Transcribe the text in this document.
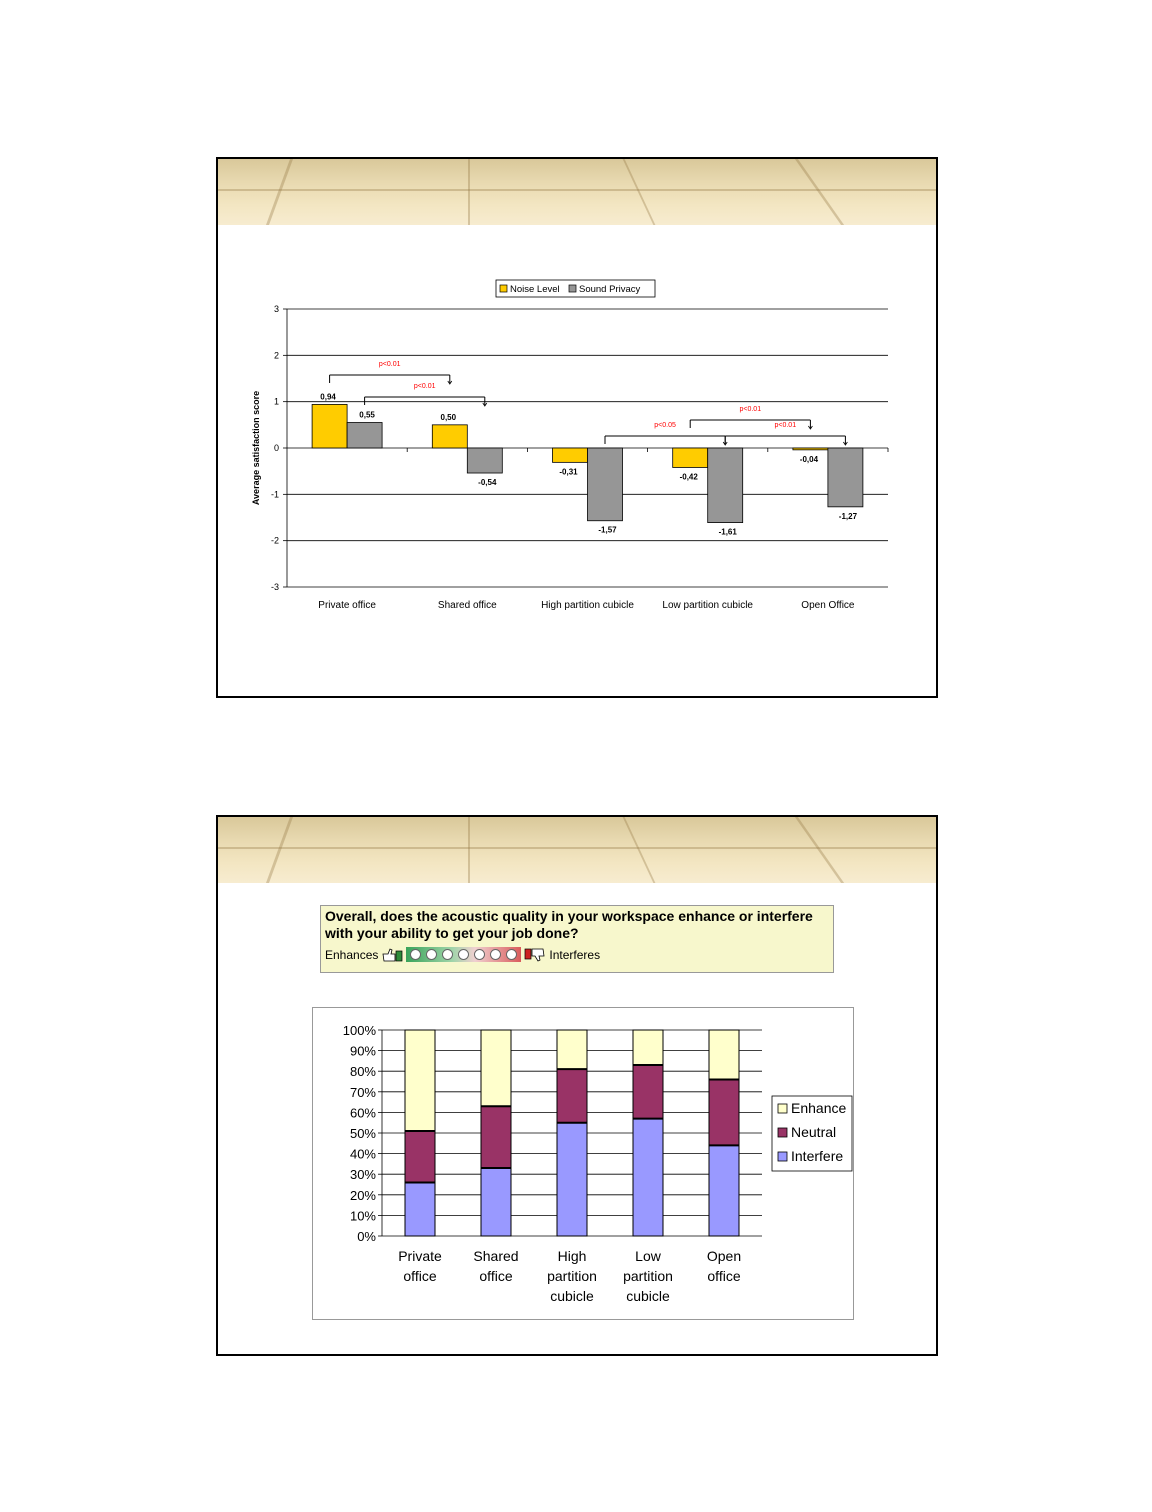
3
2
1
0
-1
-2
-3
Average satisfaction score
Private office	Shared office	High partition cubicle	Low partition cubicle	Open Office
0,94
0,50
-0,31
-0,42
-0,04
0,55
-0,54
-1,57	-1,61
-1,27
p<0.01
p<0.01
p<0.05
p<0.01
p<0.01
Noise Level Sound Privacy
Overall, does the acoustic quality in your workspace enhance or interfere
with your ability to get your job done?
Enhances	Interferes
100%
90%
80%
70%
60%
50%
40%
30%
20%
10%
0%
Private
office
Shared
office
High
partition
cubicle
Low
partition
cubicle
Open
office
Enhance
Neutral
Interfere
